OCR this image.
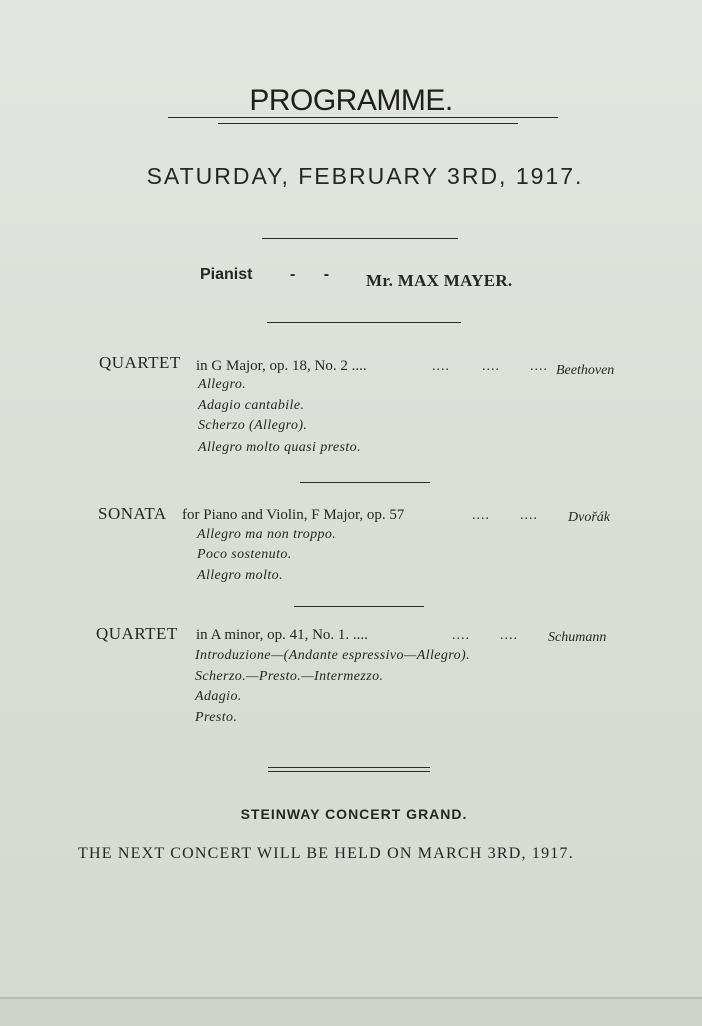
PROGRAMME.
SATURDAY, FEBRUARY 3RD, 1917.
Pianist - - Mr. MAX MAYER.
QUARTET in G Major, op. 18, No. 2 ....	.... .... .... Beethoven
Allegro.
Adagio cantabile.
Scherzo (Allegro).
Allegro molto quasi presto.
SONATA for Piano and Violin, F Major, op. 57	.... .... Dvořák
Allegro ma non troppo.
Poco sostenuto.
Allegro molto.
QUARTET in A minor, op. 41, No. 1. ....	.... .... Schumann
Introduzione—(Andante espressivo—Allegro).
Scherzo.—Presto.—Intermezzo.
Adagio.
Presto.
STEINWAY CONCERT GRAND.
THE NEXT CONCERT WILL BE HELD ON MARCH 3RD, 1917.
